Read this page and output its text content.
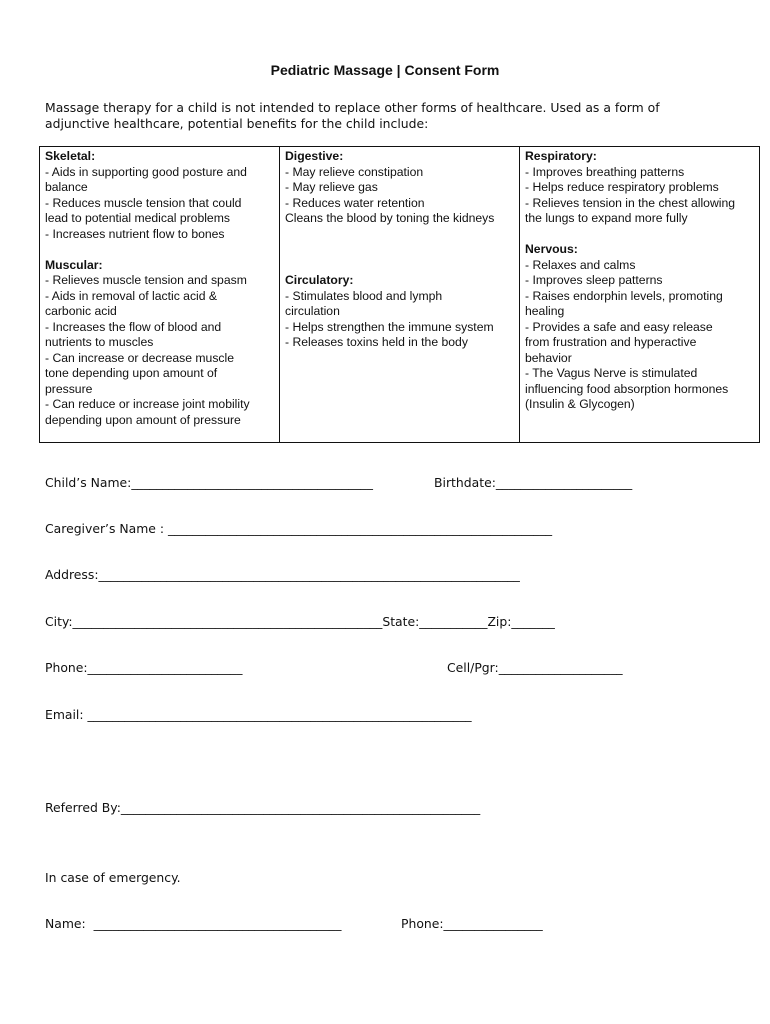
Pediatric Massage | Consent Form
Massage therapy for a child is not intended to replace other forms of healthcare. Used as a form of
adjunctive healthcare, potential benefits for the child include:
Skeletal:
- Aids in supporting good posture and
balance
- Reduces muscle tension that could
lead to potential medical problems
- Increases nutrient flow to bones
Muscular:
- Relieves muscle tension and spasm
- Aids in removal of lactic acid &
carbonic acid
- Increases the flow of blood and
nutrients to muscles
- Can increase or decrease muscle
tone depending upon amount of
pressure
- Can reduce or increase joint mobility
depending upon amount of pressure

Digestive:
- May relieve constipation
- May relieve gas
- Reduces water retention
Cleans the blood by toning the kidneys
Circulatory:
- Stimulates blood and lymph
circulation
- Helps strengthen the immune system
- Releases toxins held in the body

Respiratory:
- Improves breathing patterns
- Helps reduce respiratory problems
- Relieves tension in the chest allowing
the lungs to expand more fully
Nervous:
- Relaxes and calms
- Improves sleep patterns
- Raises endorphin levels, promoting
healing
- Provides a safe and easy release
from frustration and hyperactive
behavior
- The Vagus Nerve is stimulated
influencing food absorption hormones
(Insulin & Glycogen)
Child’s Name:_______________________________________	Birthdate:______________________
Caregiver’s Name : ______________________________________________________________
Address:____________________________________________________________________
City:__________________________________________________State:___________Zip:_______
Phone:_________________________	Cell/Pgr:____________________
Email: ______________________________________________________________
Referred By:__________________________________________________________
In case of emergency.
Name:  ________________________________________	Phone:________________
